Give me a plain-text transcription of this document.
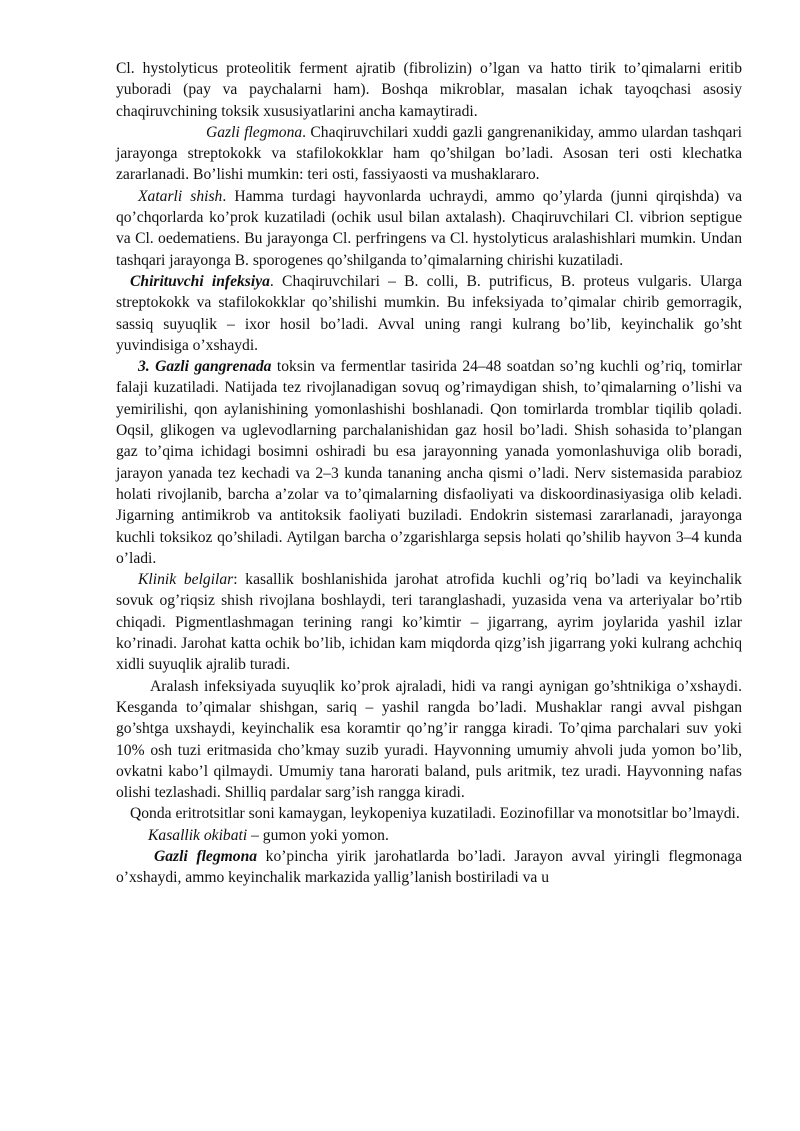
Cl. hystolyticus proteolitik ferment ajratib (fibrolizin) o’lgan va hatto tirik to’qimalarni eritib yuboradi (pay va paychalarni ham). Boshqa mikroblar, masalan ichak tayoqchasi asosiy chaqiruvchining toksik xususiyatlarini ancha kamaytiradi.

Gazli flegmona. Chaqiruvchilari xuddi gazli gangrenanikiday, ammo ulardan tashqari jarayonga streptokokk va stafilokokklar ham qo’shilgan bo’ladi. Asosan teri osti klechatka zararlanadi. Bo’lishi mumkin: teri osti, fassiyaosti va mushaklararo.

Xatarli shish. Hamma turdagi hayvonlarda uchraydi, ammo qo’ylarda (junni qirqishda) va qo’chqorlarda ko’prok kuzatiladi (ochik usul bilan axtalash). Chaqiruvchilari Cl. vibrion septigue va Cl. oedematiens. Bu jarayonga Cl. perfringens va Cl. hystolyticus aralashishlari mumkin. Undan tashqari jarayonga B. sporogenes qo’shilganda to’qimalarning chirishi kuzatiladi.

Chirituvchi infeksiya. Chaqiruvchilari – B. colli, B. putrificus, B. proteus vulgaris. Ularga streptokokk va stafilokokklar qo’shilishi mumkin. Bu infeksiyada to’qimalar chirib gemorragik, sassiq suyuqlik – ixor hosil bo’ladi. Avval uning rangi kulrang bo’lib, keyinchalik go’sht yuvindisiga o’xshaydi.

3. Gazli gangrenada toksin va fermentlar tasirida 24–48 soatdan so’ng kuchli og’riq, tomirlar falaji kuzatiladi. Natijada tez rivojlanadigan sovuq og’rimaydigan shish, to’qimalarning o’lishi va yemirilishi, qon aylanishining yomonlashishi boshlanadi. Qon tomirlarda tromblar tiqilib qoladi. Oqsil, glikogen va uglevodlarning parchalanishidan gaz hosil bo’ladi. Shish sohasida to’plangan gaz to’qima ichidagi bosimni oshiradi bu esa jarayonning yanada yomonlashuviga olib boradi, jarayon yanada tez kechadi va 2–3 kunda tananing ancha qismi o’ladi. Nerv sistemasida parabioz holati rivojlanib, barcha a’zolar va to’qimalarning disfaoliyati va diskoordinasiyasiga olib keladi. Jigarning antimikrob va antitoksik faoliyati buziladi. Endokrin sistemasi zararlanadi, jarayonga kuchli toksikoz qo’shiladi. Aytilgan barcha o’zgarishlarga sepsis holati qo’shilib hayvon 3–4 kunda o’ladi.

Klinik belgilar: kasallik boshlanishida jarohat atrofida kuchli og’riq bo’ladi va keyinchalik sovuk og’riqsiz shish rivojlana boshlaydi, teri taranglashadi, yuzasida vena va arteriyalar bo’rtib chiqadi. Pigmentlashmagan terining rangi ko’kimtir – jigarrang, ayrim joylarida yashil izlar ko’rinadi. Jarohat katta ochik bo’lib, ichidan kam miqdorda qizg’ish jigarrang yoki kulrang achchiq xidli suyuqlik ajralib turadi.

Aralash infeksiyada suyuqlik ko’prok ajraladi, hidi va rangi aynigan go’shtnikiga o’xshaydi. Kesganda to’qimalar shishgan, sariq – yashil rangda bo’ladi. Mushaklar rangi avval pishgan go’shtga uxshaydi, keyinchalik esa koramtir qo’ng’ir rangga kiradi. To’qima parchalari suv yoki 10% osh tuzi eritmasida cho’kmay suzib yuradi. Hayvonning umumiy ahvoli juda yomon bo’lib, ovkatni kabo’l qilmaydi. Umumiy tana harorati baland, puls aritmik, tez uradi. Hayvonning nafas olishi tezlashadi. Shilliq pardalar sarg’ish rangga kiradi.

Qonda eritrotsitlar soni kamaygan, leykopeniya kuzatiladi. Eozinofillar va monotsitlar bo’lmaydi.

Kasallik okibati – gumon yoki yomon.

Gazli flegmona ko’pincha yirik jarohatlarda bo’ladi. Jarayon avval yiringli flegmonaga o’xshaydi, ammo keyinchalik markazida yallig’lanish bostiriladi va u
